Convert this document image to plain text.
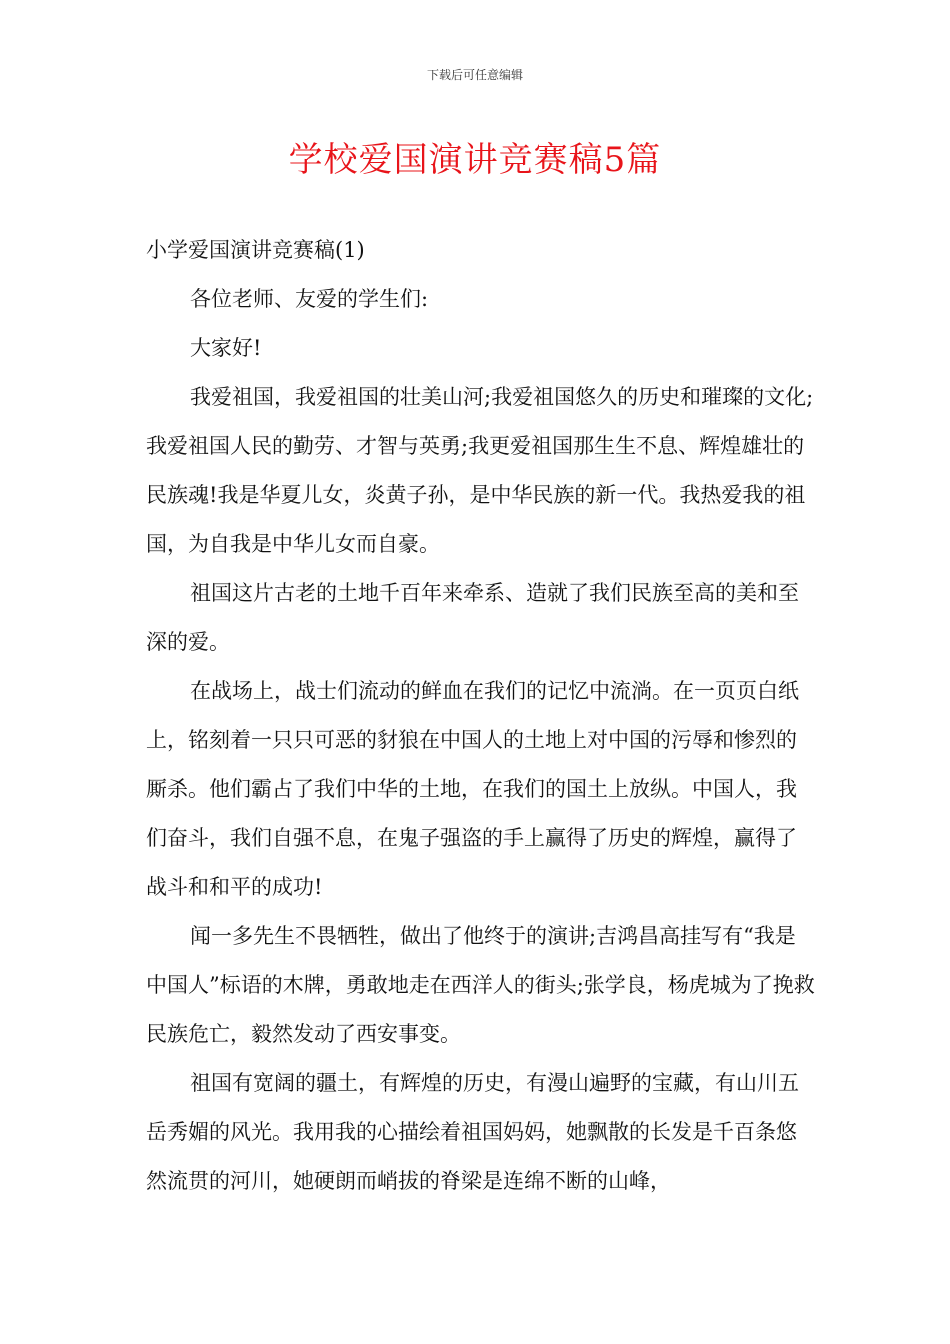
下载后可任意编辑
学校爱国演讲竞赛稿5篇

小学爱国演讲竞赛稿(1)

各位老师、友爱的学生们:

大家好!

我爱祖国，我爱祖国的壮美山河;我爱祖国悠久的历史和璀璨的文化;我爱祖国人民的勤劳、才智与英勇;我更爱祖国那生生不息、辉煌雄壮的民族魂!我是华夏儿女，炎黄子孙，是中华民族的新一代。我热爱我的祖国，为自我是中华儿女而自豪。

祖国这片古老的土地千百年来牵系、造就了我们民族至高的美和至深的爱。

在战场上，战士们流动的鲜血在我们的记忆中流淌。在一页页白纸上，铭刻着一只只可恶的豺狼在中国人的土地上对中国的污辱和惨烈的厮杀。他们霸占了我们中华的土地，在我们的国土上放纵。中国人，我们奋斗，我们自强不息，在鬼子强盗的手上赢得了历史的辉煌，赢得了战斗和和平的成功!

闻一多先生不畏牺牲，做出了他终于的演讲;吉鸿昌高挂写有“我是中国人”标语的木牌，勇敢地走在西洋人的街头;张学良，杨虎城为了挽救民族危亡，毅然发动了西安事变。

祖国有宽阔的疆土，有辉煌的历史，有漫山遍野的宝藏，有山川五岳秀媚的风光。我用我的心描绘着祖国妈妈，她飘散的长发是千百条悠然流贯的河川，她硬朗而峭拔的脊梁是连绵不断的山峰，
